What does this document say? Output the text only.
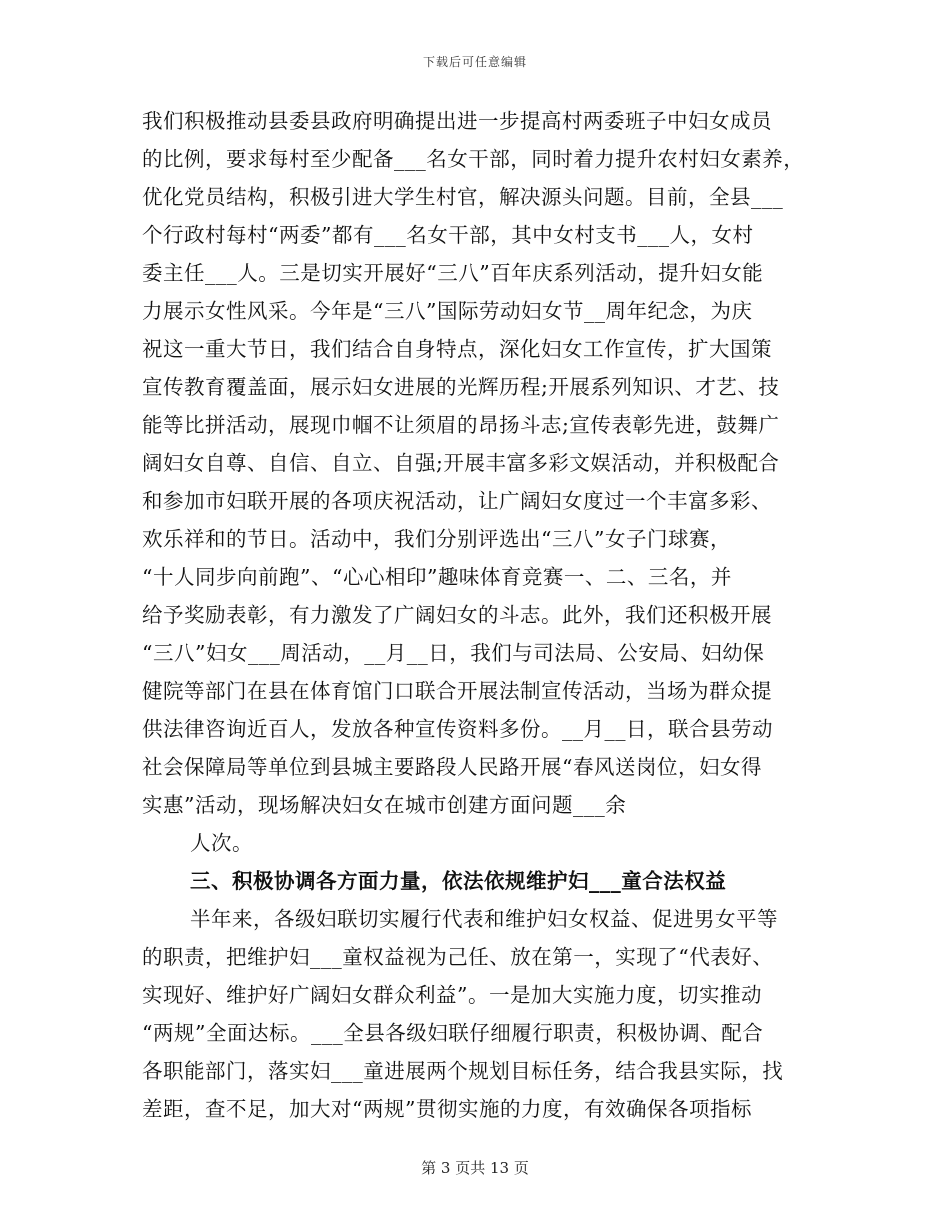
下载后可任意编辑
我们积极推动县委县政府明确提出进一步提高村两委班子中妇女成员
的比例，要求每村至少配备___名女干部，同时着力提升农村妇女素养，
优化党员结构，积极引进大学生村官，解决源头问题。目前，全县___
个行政村每村“两委”都有___名女干部，其中女村支书___人，女村
委主任___人。三是切实开展好“三八”百年庆系列活动，提升妇女能
力展示女性风采。今年是“三八”国际劳动妇女节__周年纪念，为庆
祝这一重大节日，我们结合自身特点，深化妇女工作宣传，扩大国策
宣传教育覆盖面，展示妇女进展的光辉历程;开展系列知识、才艺、技
能等比拼活动，展现巾帼不让须眉的昂扬斗志;宣传表彰先进，鼓舞广
阔妇女自尊、自信、自立、自强;开展丰富多彩文娱活动，并积极配合
和参加市妇联开展的各项庆祝活动，让广阔妇女度过一个丰富多彩、
欢乐祥和的节日。活动中，我们分别评选出“三八”女子门球赛，
“十人同步向前跑”、“心心相印”趣味体育竞赛一、二、三名，并
给予奖励表彰，有力激发了广阔妇女的斗志。此外，我们还积极开展
“三八”妇女___周活动，__月__日，我们与司法局、公安局、妇幼保
健院等部门在县在体育馆门口联合开展法制宣传活动，当场为群众提
供法律咨询近百人，发放各种宣传资料多份。__月__日，联合县劳动
社会保障局等单位到县城主要路段人民路开展“春风送岗位，妇女得
实惠”活动，现场解决妇女在城市创建方面问题___余
人次。
三、积极协调各方面力量，依法依规维护妇___童合法权益
半年来，各级妇联切实履行代表和维护妇女权益、促进男女平等
的职责，把维护妇___童权益视为己任、放在第一，实现了“代表好、
实现好、维护好广阔妇女群众利益”。一是加大实施力度，切实推动
“两规”全面达标。___全县各级妇联仔细履行职责，积极协调、配合
各职能部门，落实妇___童进展两个规划目标任务，结合我县实际，找
差距，查不足，加大对“两规”贯彻实施的力度，有效确保各项指标
第 3 页共 13 页
